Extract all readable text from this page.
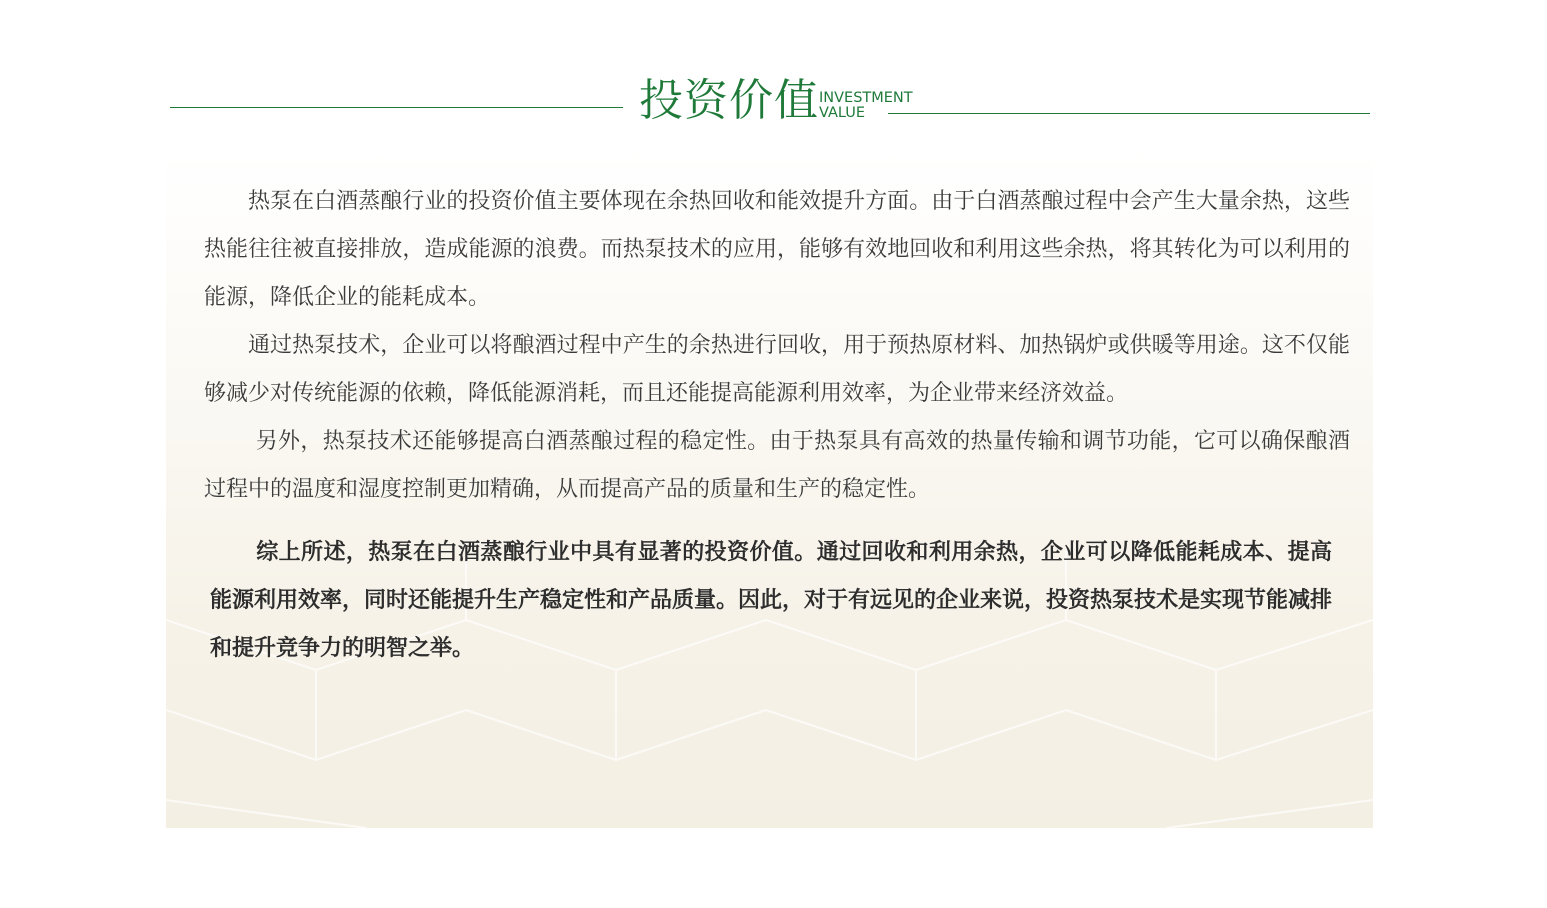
投资价值 INVESTMENT
VALUE

热泵在白酒蒸酿行业的投资价值主要体现在余热回收和能效提升方面。由于白酒蒸酿过程中会产生大量余热，这些热能往往被直接排放，造成能源的浪费。而热泵技术的应用，能够有效地回收和利用这些余热，将其转化为可以利用的能源，降低企业的能耗成本。

通过热泵技术，企业可以将酿酒过程中产生的余热进行回收，用于预热原材料、加热锅炉或供暖等用途。这不仅能够减少对传统能源的依赖，降低能源消耗，而且还能提高能源利用效率，为企业带来经济效益。

另外，热泵技术还能够提高白酒蒸酿过程的稳定性。由于热泵具有高效的热量传输和调节功能，它可以确保酿酒过程中的温度和湿度控制更加精确，从而提高产品的质量和生产的稳定性。

综上所述，热泵在白酒蒸酿行业中具有显著的投资价值。通过回收和利用余热，企业可以降低能耗成本、提高能源利用效率，同时还能提升生产稳定性和产品质量。因此，对于有远见的企业来说，投资热泵技术是实现节能减排和提升竞争力的明智之举。
